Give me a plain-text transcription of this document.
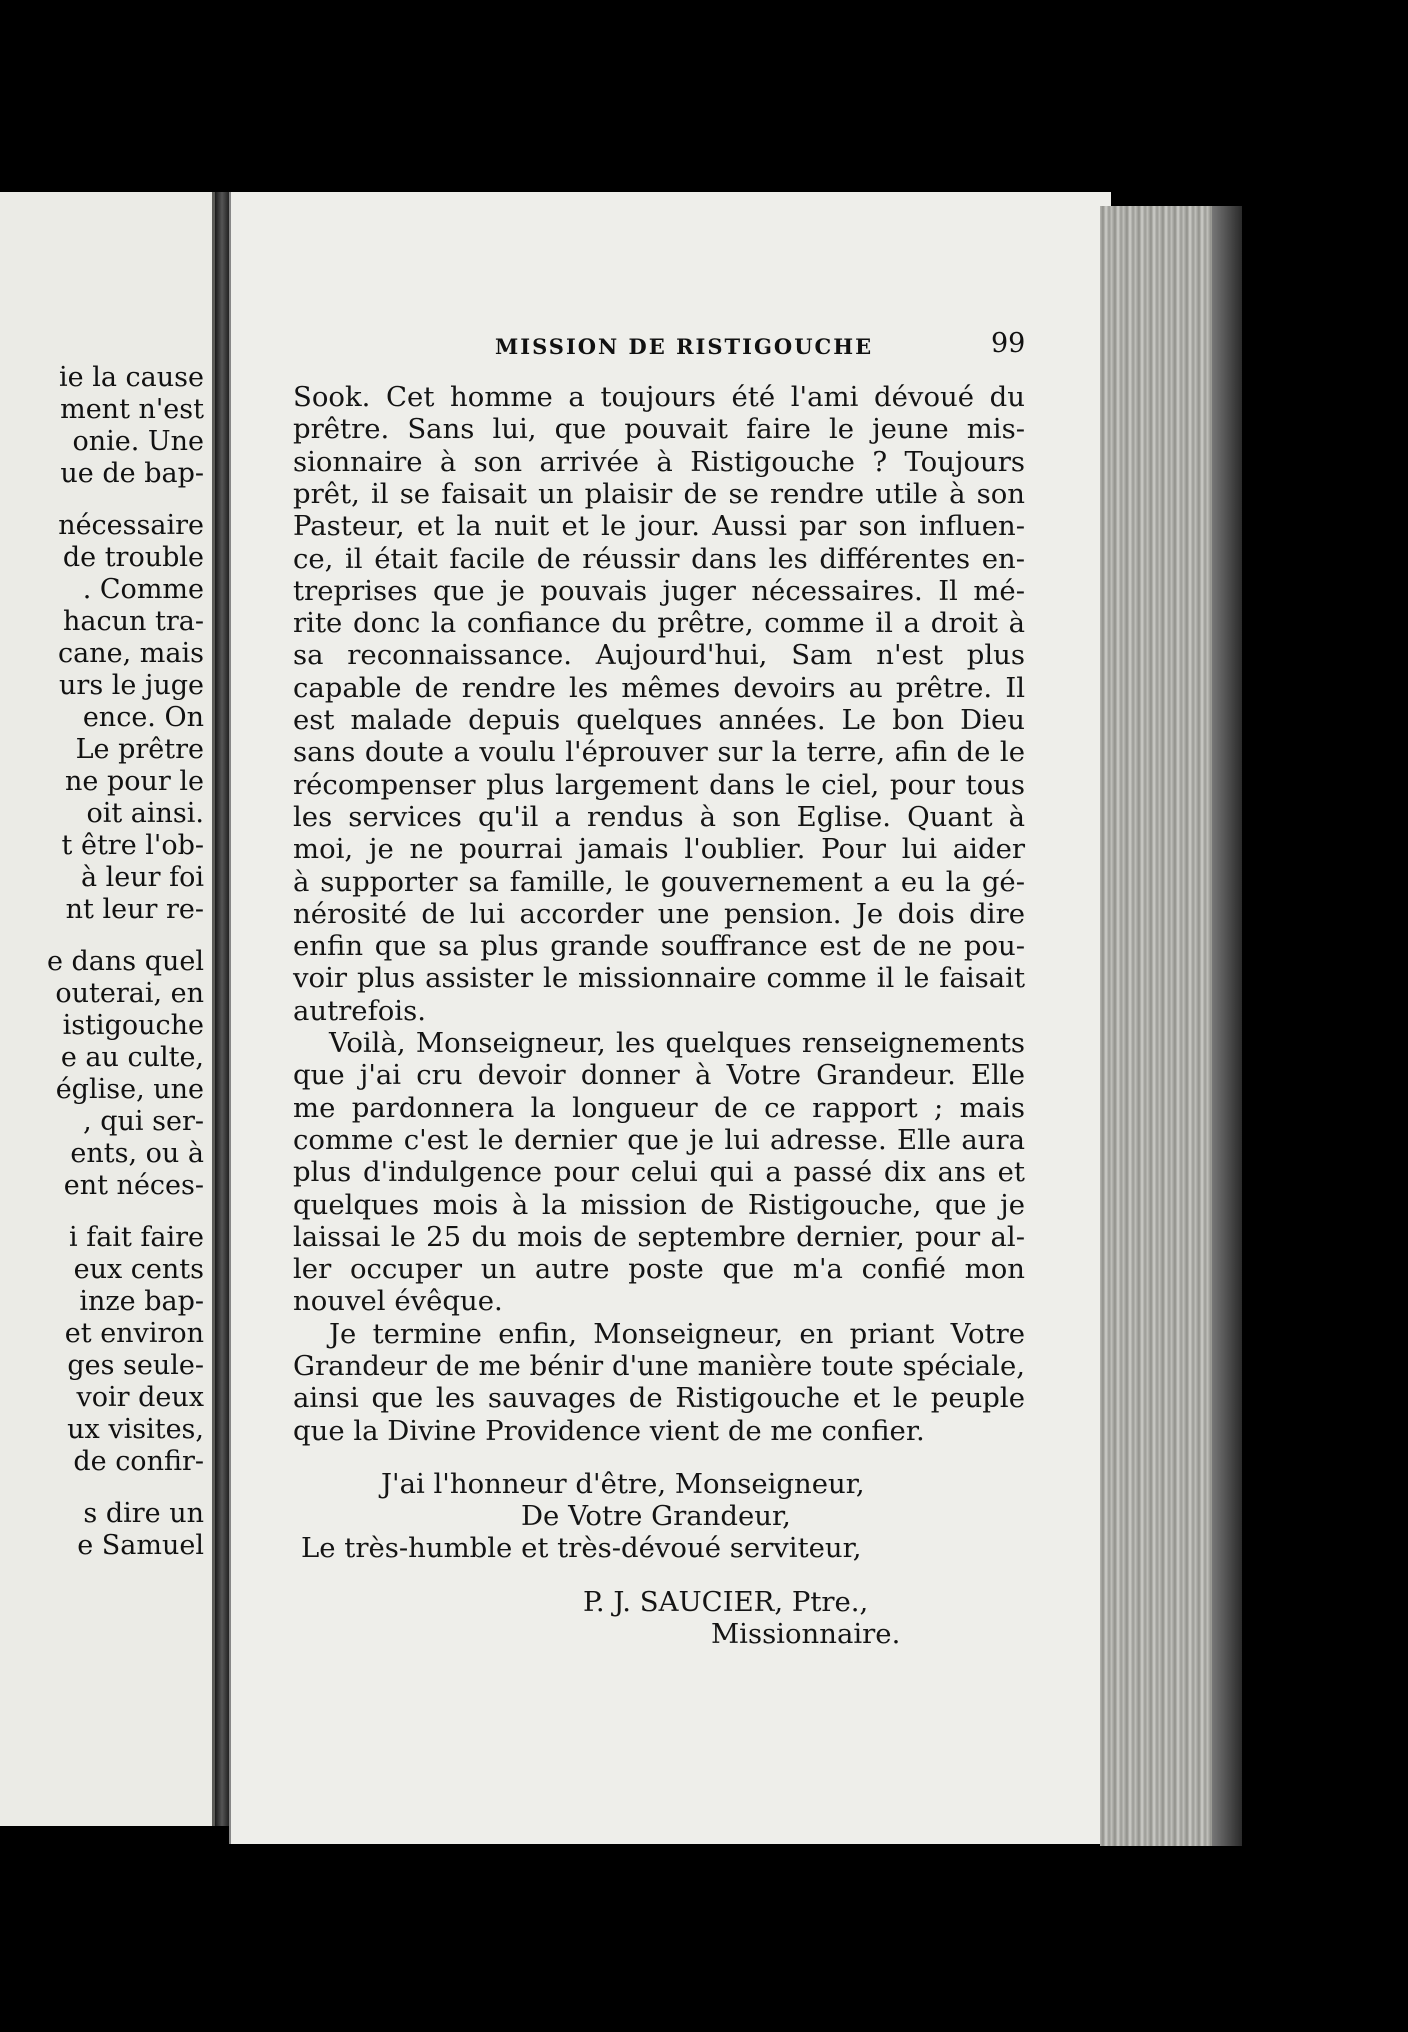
ie la cause
ment n'est
onie. Une
ue de bap-
nécessaire
de trouble
. Comme
hacun tra-
cane, mais
urs le juge
ence. On
Le prêtre
ne pour le
oit ainsi.
t être l'ob-
à leur foi
nt leur re-
e dans quel
outerai, en
istigouche
e au culte,
église, une
, qui ser-
ents, ou à
ent néces-
i fait faire
eux cents
inze bap-
et environ
ges seule-
voir deux
ux visites,
de confir-
s dire un
e Samuel
MISSION DE RISTIGOUCHE	99
Sook. Cet homme a toujours été l'ami dévoué du
prêtre. Sans lui, que pouvait faire le jeune mis-
sionnaire à son arrivée à Ristigouche ? Toujours
prêt, il se faisait un plaisir de se rendre utile à son
Pasteur, et la nuit et le jour. Aussi par son influen-
ce, il était facile de réussir dans les différentes en-
treprises que je pouvais juger nécessaires. Il mé-
rite donc la confiance du prêtre, comme il a droit à
sa reconnaissance. Aujourd'hui, Sam n'est plus
capable de rendre les mêmes devoirs au prêtre. Il
est malade depuis quelques années. Le bon Dieu
sans doute a voulu l'éprouver sur la terre, afin de le
récompenser plus largement dans le ciel, pour tous
les services qu'il a rendus à son Eglise. Quant à
moi, je ne pourrai jamais l'oublier. Pour lui aider
à supporter sa famille, le gouvernement a eu la gé-
nérosité de lui accorder une pension. Je dois dire
enfin que sa plus grande souffrance est de ne pou-
voir plus assister le missionnaire comme il le faisait
autrefois.
Voilà, Monseigneur, les quelques renseignements
que j'ai cru devoir donner à Votre Grandeur. Elle
me pardonnera la longueur de ce rapport ; mais
comme c'est le dernier que je lui adresse. Elle aura
plus d'indulgence pour celui qui a passé dix ans et
quelques mois à la mission de Ristigouche, que je
laissai le 25 du mois de septembre dernier, pour al-
ler occuper un autre poste que m'a confié mon
nouvel évêque.
Je termine enfin, Monseigneur, en priant Votre
Grandeur de me bénir d'une manière toute spéciale,
ainsi que les sauvages de Ristigouche et le peuple
que la Divine Providence vient de me confier.
J'ai l'honneur d'être, Monseigneur,
De Votre Grandeur,
Le très-humble et très-dévoué serviteur,
P. J. SAUCIER, Ptre.,
Missionnaire.
